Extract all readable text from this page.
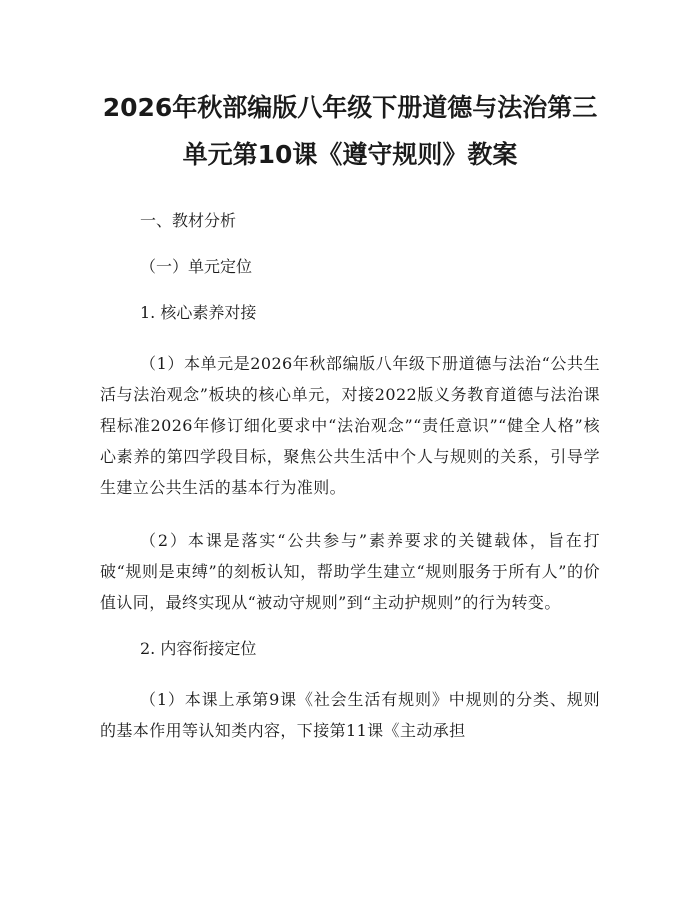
2026年秋部编版八年级下册道德与法治第三
单元第10课《遵守规则》教案

一、教材分析

（一）单元定位

1. 核心素养对接

（1）本单元是2026年秋部编版八年级下册道德与法治“公共生活与法治观念”板块的核心单元，对接2022版义务教育道德与法治课程标准2026年修订细化要求中“法治观念”“责任意识”“健全人格”核心素养的第四学段目标，聚焦公共生活中个人与规则的关系，引导学生建立公共生活的基本行为准则。

（2）本课是落实“公共参与”素养要求的关键载体，旨在打破“规则是束缚”的刻板认知，帮助学生建立“规则服务于所有人”的价值认同，最终实现从“被动守规则”到“主动护规则”的行为转变。

2. 内容衔接定位

（1）本课上承第9课《社会生活有规则》中规则的分类、规则的基本作用等认知类内容，下接第11课《主动承担
